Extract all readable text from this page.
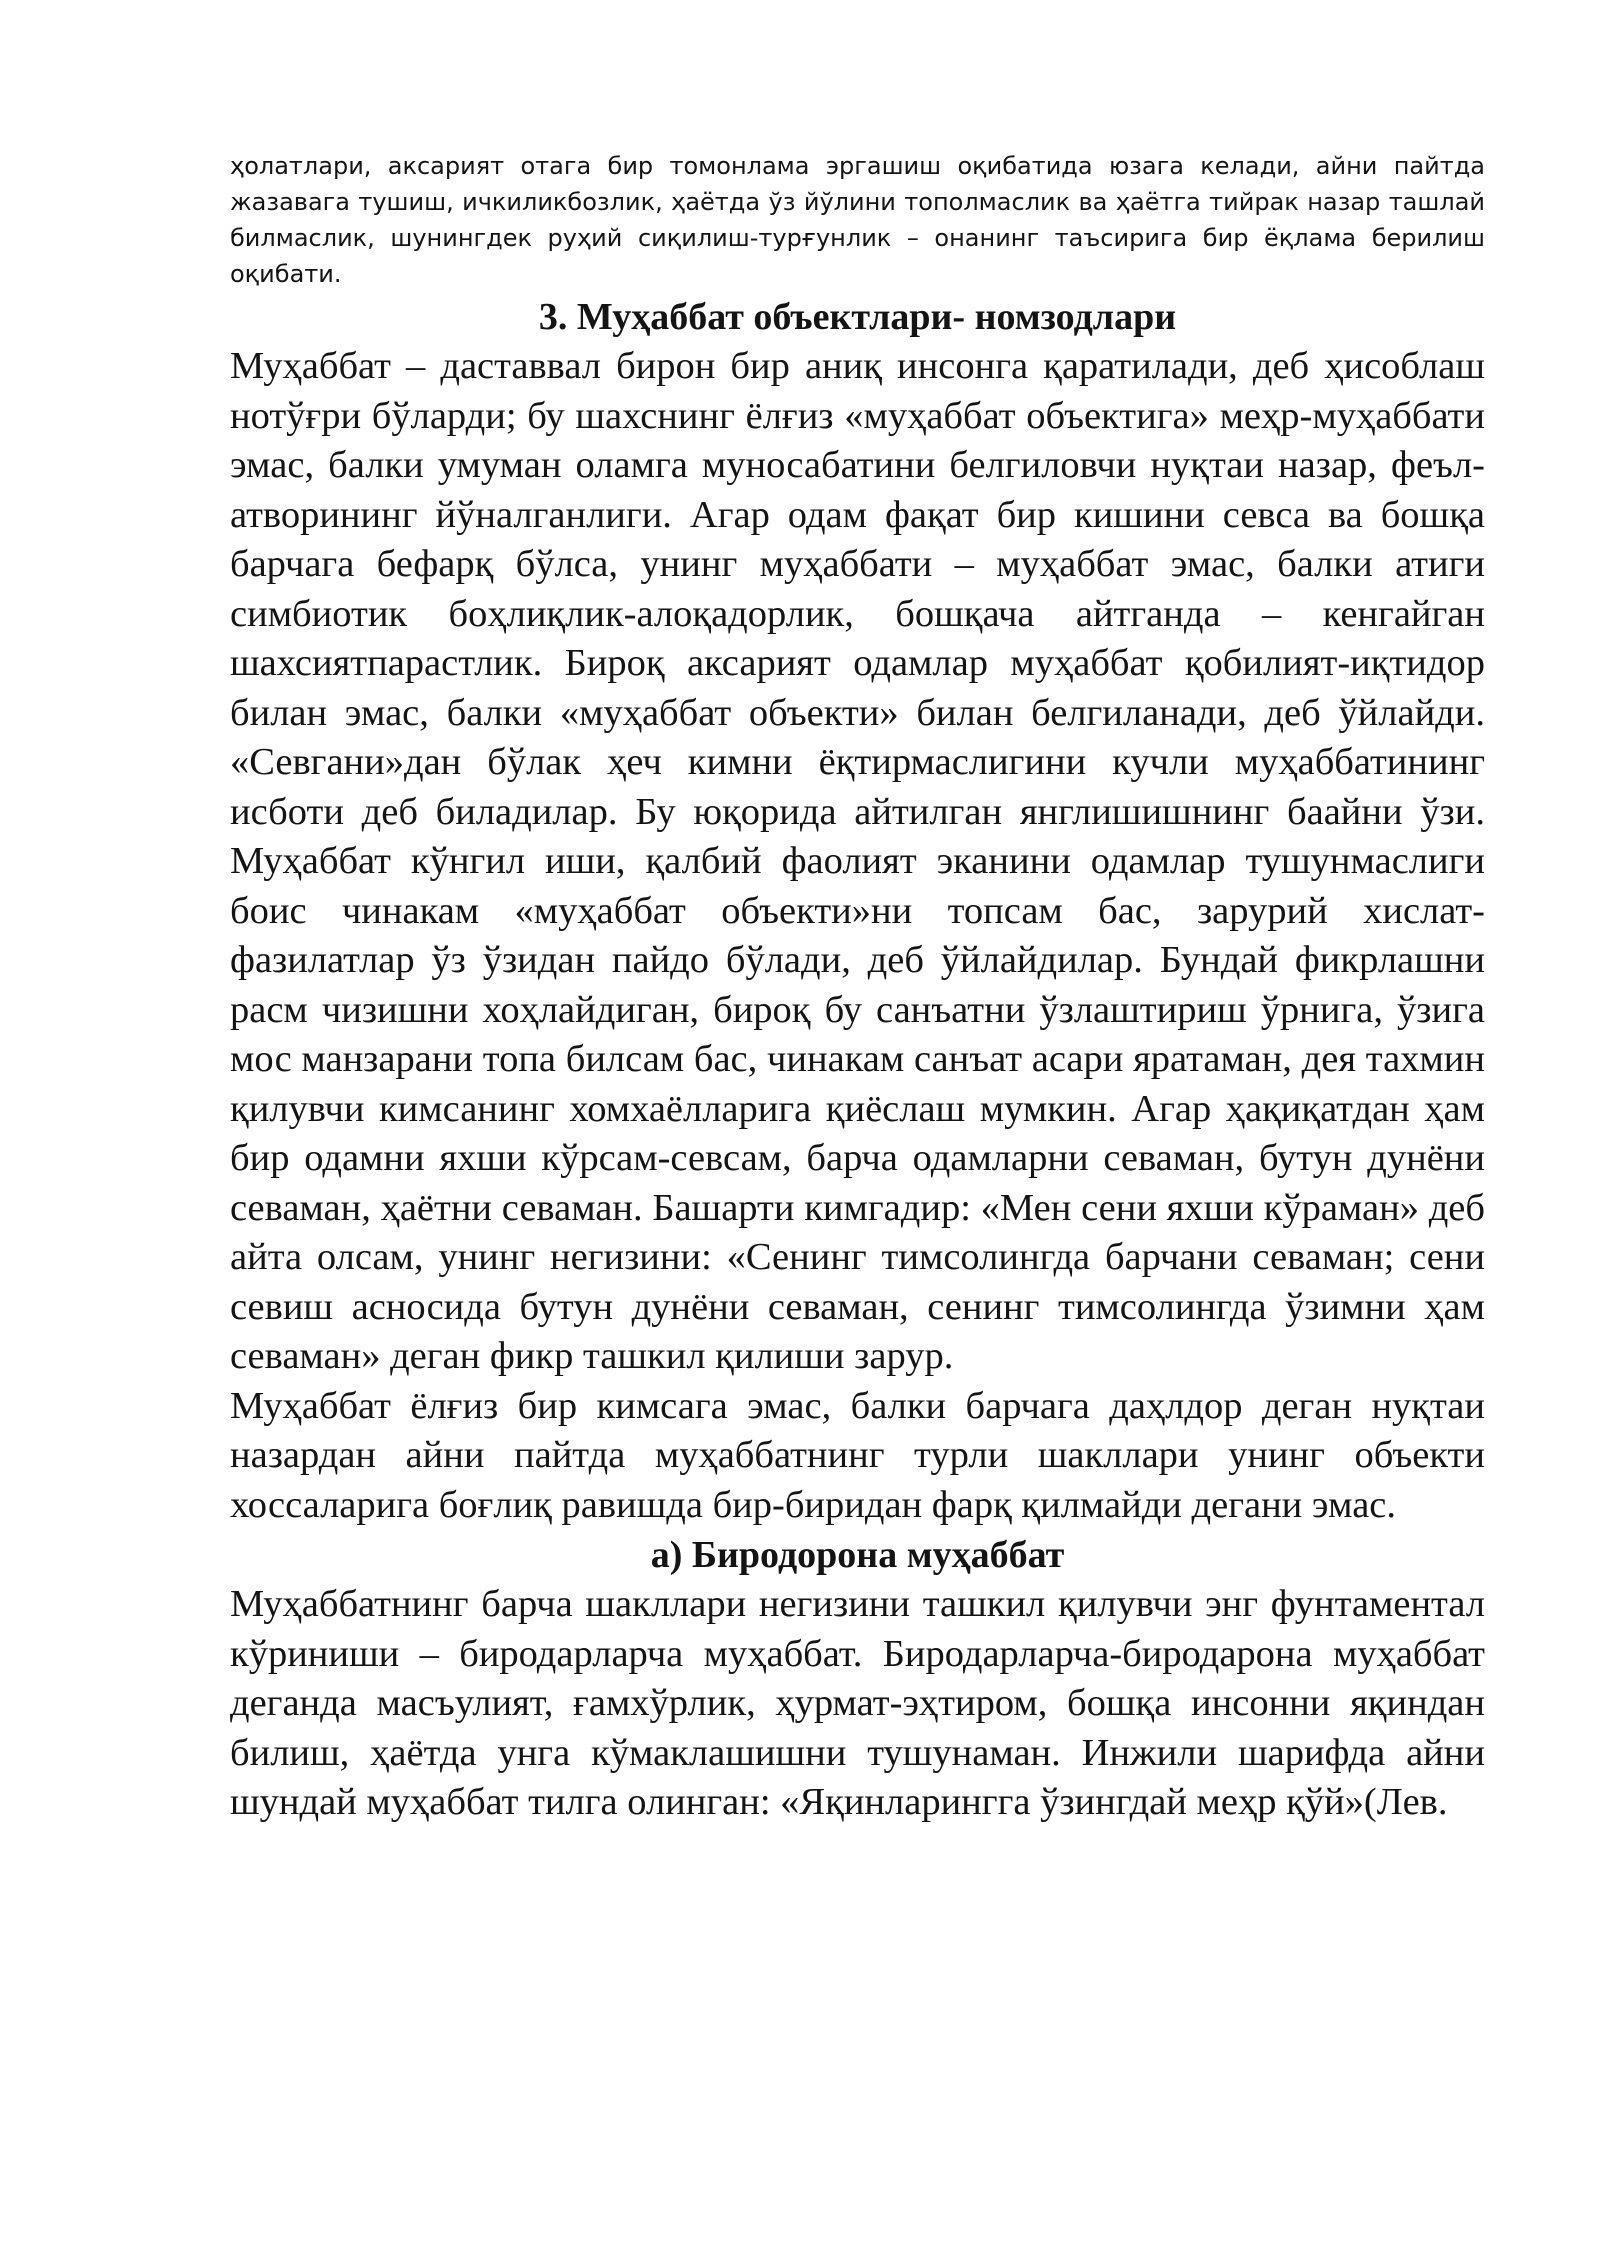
ҳолатлари, аксарият отага бир томонлама эргашиш оқибатида юзага келади, айни пайтда жазавага тушиш, ичкиликбозлик, ҳаётда ўз йўлини тополмаслик ва ҳаётга тийрак назар ташлай билмаслик, шунингдек руҳий сиқилиш-турғунлик – онанинг таъсирига бир ёқлама берилиш оқибати.

3. Муҳаббат объектлари- номзодлари

Муҳаббат – даставвал бирон бир аниқ инсонга қаратилади, деб ҳисоблаш нотўғри бўларди; бу шахснинг ёлғиз «муҳаббат объектига» меҳр-муҳаббати эмас, балки умуман оламга муносабатини белгиловчи нуқтаи назар, феъл-атворининг йўналганлиги. Агар одам фақат бир кишини севса ва бошқа барчага бефарқ бўлса, унинг муҳаббати – муҳаббат эмас, балки атиги симбиотик боҳлиқлик-алоқадорлик, бошқача айтганда – кенгайган шахсиятпарастлик. Бироқ аксарият одамлар муҳаббат қобилият-иқтидор билан эмас, балки «муҳаббат объекти» билан белгиланади, деб ўйлайди. «Севгани»дан бўлак ҳеч кимни ёқтирмаслигини кучли муҳаббатининг исботи деб биладилар. Бу юқорида айтилган янглишишнинг баайни ўзи. Муҳаббат кўнгил иши, қалбий фаолият эканини одамлар тушунмаслиги боис чинакам «муҳаббат объекти»ни топсам бас, зарурий хислат-фазилатлар ўз ўзидан пайдо бўлади, деб ўйлайдилар. Бундай фикрлашни расм чизишни хоҳлайдиган, бироқ бу санъатни ўзлаштириш ўрнига, ўзига мос манзарани топа билсам бас, чинакам санъат асари яратаман, дея тахмин қилувчи кимсанинг хомхаёлларига қиёслаш мумкин. Агар ҳақиқатдан ҳам бир одамни яхши кўрсам-севсам, барча одамларни севаман, бутун дунёни севаман, ҳаётни севаман. Башарти кимгадир: «Мен сени яхши кўраман» деб айта олсам, унинг негизини: «Сенинг тимсолингда барчани севаман; сени севиш асносида бутун дунёни севаман, сенинг тимсолингда ўзимни ҳам севаман» деган фикр ташкил қилиши зарур.

Муҳаббат ёлғиз бир кимсага эмас, балки барчага даҳлдор деган нуқтаи назардан айни пайтда муҳаббатнинг турли шакллари унинг объекти хоссаларига боғлиқ равишда бир-биридан фарқ қилмайди дегани эмас.

а) Биродорона муҳаббат

Муҳаббатнинг барча шакллари негизини ташкил қилувчи энг фунтаментал кўриниши – биродарларча муҳаббат. Биродарларча-биродарона муҳаббат деганда масъулият, ғамхўрлик, ҳурмат-эҳтиром, бошқа инсонни яқиндан билиш, ҳаётда унга кўмаклашишни тушунаман. Инжили шарифда айни шундай муҳаббат тилга олинган: «Яқинларингга ўзингдай меҳр қўй»(Лев.
